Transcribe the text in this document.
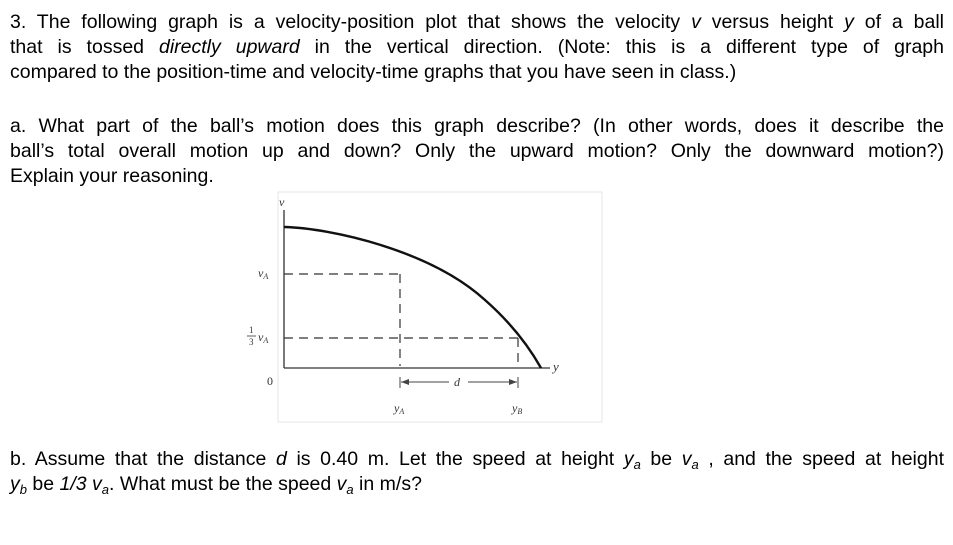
3. The following graph is a velocity-position plot that shows the velocity v versus height y of a ball
that is tossed directly upward in the vertical direction. (Note: this is a different type of graph
compared to the position-time and velocity-time graphs that you have seen in class.)
a. What part of the ball’s motion does this graph describe? (In other words, does it describe the
ball’s total overall motion up and down? Only the upward motion? Only the downward motion?)
Explain your reasoning.
v
y
vA
1
3 vA
0	d
yA	yB
b. Assume that the distance d is 0.40 m. Let the speed at height $y_a$ be $v_a$ , and the speed at height
$y_b$ be 1/3 $v_a$. What must be the speed $v_a$ in m/s?
